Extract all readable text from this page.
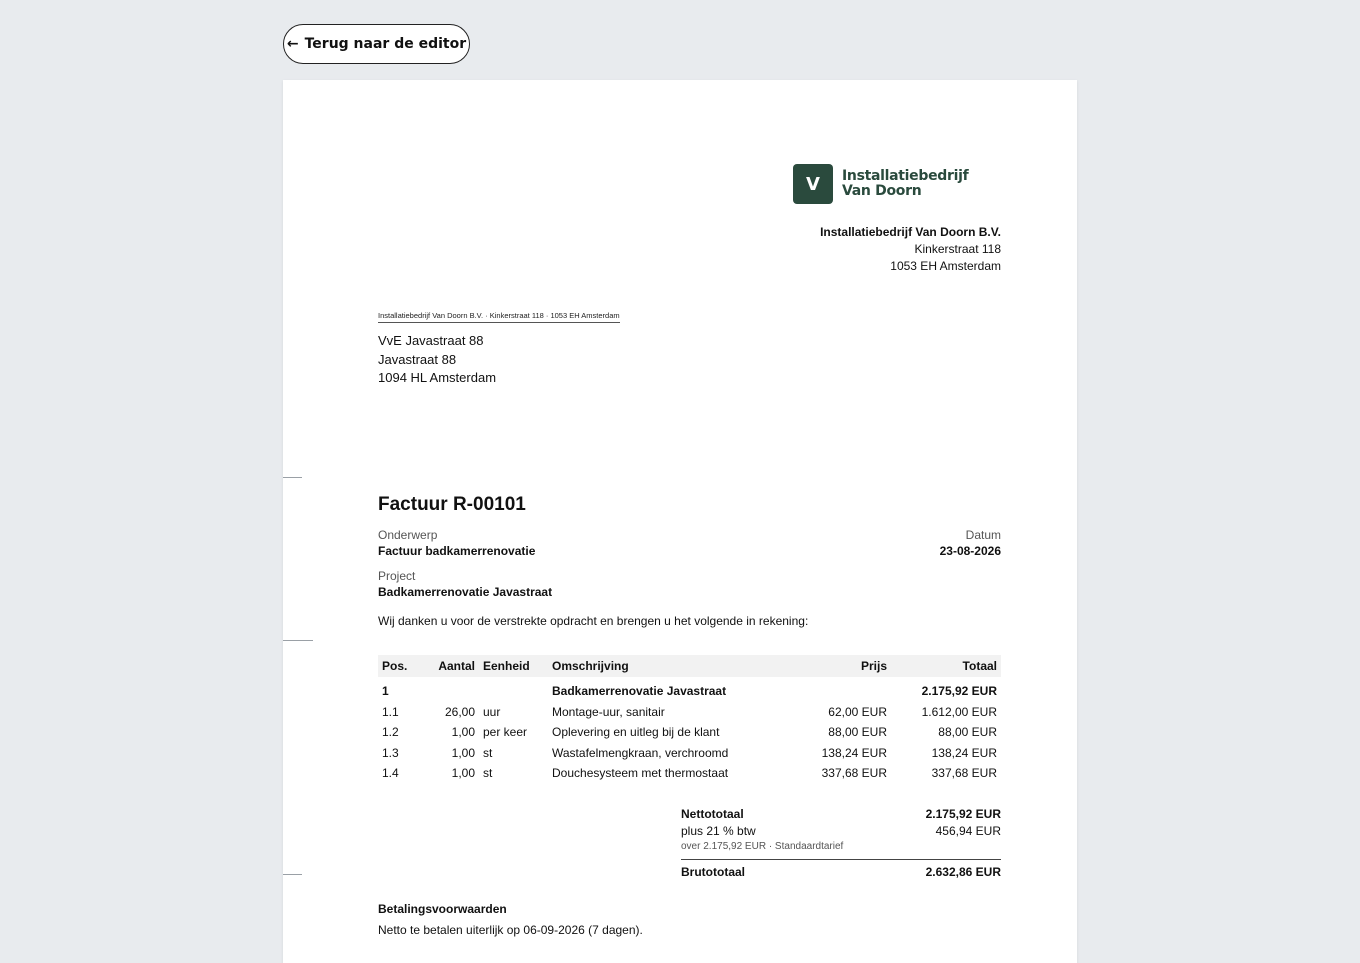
← Terug naar de editor
V	Installatiebedrijf Van Doorn
Installatiebedrijf Van Doorn B.V.
Kinkerstraat 118
1053 EH Amsterdam
Installatiebedrijf Van Doorn B.V. · Kinkerstraat 118 · 1053 EH Amsterdam
VvE Javastraat 88
Javastraat 88
1094 HL Amsterdam
Factuur R-00101
Onderwerp
Factuur badkamerrenovatie
Datum
23-08-2026
Project
Badkamerrenovatie Javastraat
Wij danken u voor de verstrekte opdracht en brengen u het volgende in rekening:
Pos.	Aantal	Eenheid	Omschrijving	Prijs	Totaal

1			Badkamerrenovatie Javastraat		2.175,92 EUR
1.1	26,00	uur	Montage-uur, sanitair	62,00 EUR	1.612,00 EUR
1.2	1,00	per keer	Oplevering en uitleg bij de klant	88,00 EUR	88,00 EUR
1.3	1,00	st	Wastafelmengkraan, verchroomd	138,24 EUR	138,24 EUR
1.4	1,00	st	Douchesysteem met thermostaat	337,68 EUR	337,68 EUR
Nettototaal	2.175,92 EUR
plus 21 % btw	456,94 EUR
over 2.175,92 EUR · Standaardtarief
Brutototaal	2.632,86 EUR
Betalingsvoorwaarden
Netto te betalen uiterlijk op 06-09-2026 (7 dagen).
